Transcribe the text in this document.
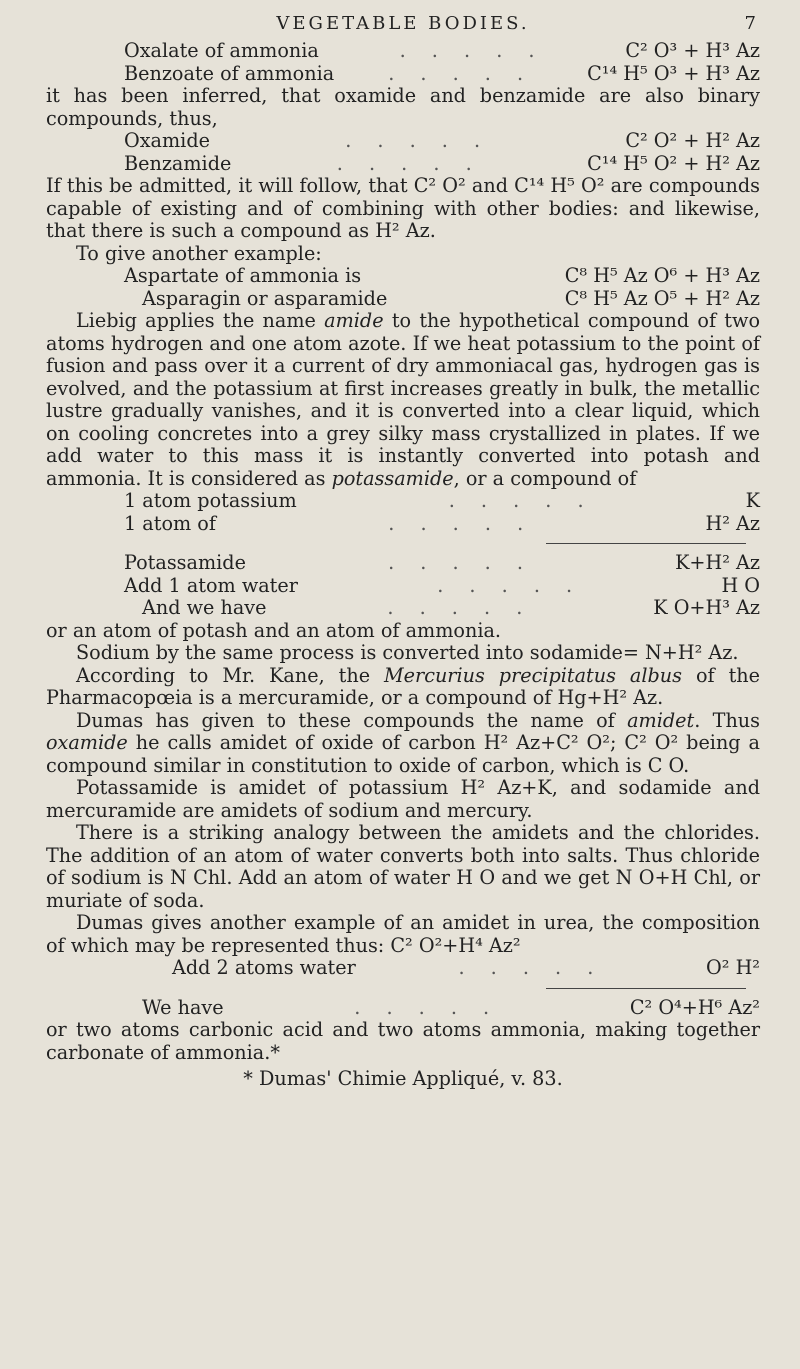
VEGETABLE BODIES.	7
Oxalate of ammonia	. . . . .	C² O³ + H³ Az
Benzoate of ammonia	. . . . .	C¹⁴ H⁵ O³ + H³ Az

it has been inferred, that oxamide and benzamide are also binary compounds, thus,

Oxamide	. . . . .	C² O² + H² Az
Benzamide	. . . . .	C¹⁴ H⁵ O² + H² Az

If this be admitted, it will follow, that C² O² and C¹⁴ H⁵ O² are compounds capable of existing and of combining with other bodies: and likewise, that there is such a compound as H² Az.

To give another example:

Aspartate of ammonia is	C⁸ H⁵ Az O⁶ + H³ Az
Asparagin or asparamide	C⁸ H⁵ Az O⁵ + H² Az

Liebig applies the name amide to the hypothetical compound of two atoms hydrogen and one atom azote. If we heat potassium to the point of fusion and pass over it a current of dry ammoniacal gas, hydrogen gas is evolved, and the potassium at first increases greatly in bulk, the metallic lustre gradually vanishes, and it is converted into a clear liquid, which on cooling concretes into a grey silky mass crystallized in plates. If we add water to this mass it is instantly converted into potash and ammonia. It is considered as potassamide, or a compound of

1 atom potassium	. . . . .	K
1 atom of	. . . . .	H² Az
Potassamide	. . . . .	K+H² Az
Add 1 atom water	. . . . .	H O
And we have	. . . . .	K O+H³ Az

or an atom of potash and an atom of ammonia.

Sodium by the same process is converted into sodamide= N+H² Az.

According to Mr. Kane, the Mercurius precipitatus albus of the Pharmacopœia is a mercuramide, or a compound of Hg+H² Az.

Dumas has given to these compounds the name of amidet. Thus oxamide he calls amidet of oxide of carbon H² Az+C² O²; C² O² being a compound similar in constitution to oxide of carbon, which is C O.

Potassamide is amidet of potassium H² Az+K, and sodamide and mercuramide are amidets of sodium and mercury.

There is a striking analogy between the amidets and the chlorides. The addition of an atom of water converts both into salts. Thus chloride of sodium is N Chl. Add an atom of water H O and we get N O+H Chl, or muriate of soda.

Dumas gives another example of an amidet in urea, the composition of which may be represented thus: C² O²+H⁴ Az²

Add 2 atoms water	. . . . .	O² H²
We have	. . . . .	C² O⁴+H⁶ Az²

or two atoms carbonic acid and two atoms ammonia, making together carbonate of ammonia.*

* Dumas' Chimie Appliqué, v. 83.
